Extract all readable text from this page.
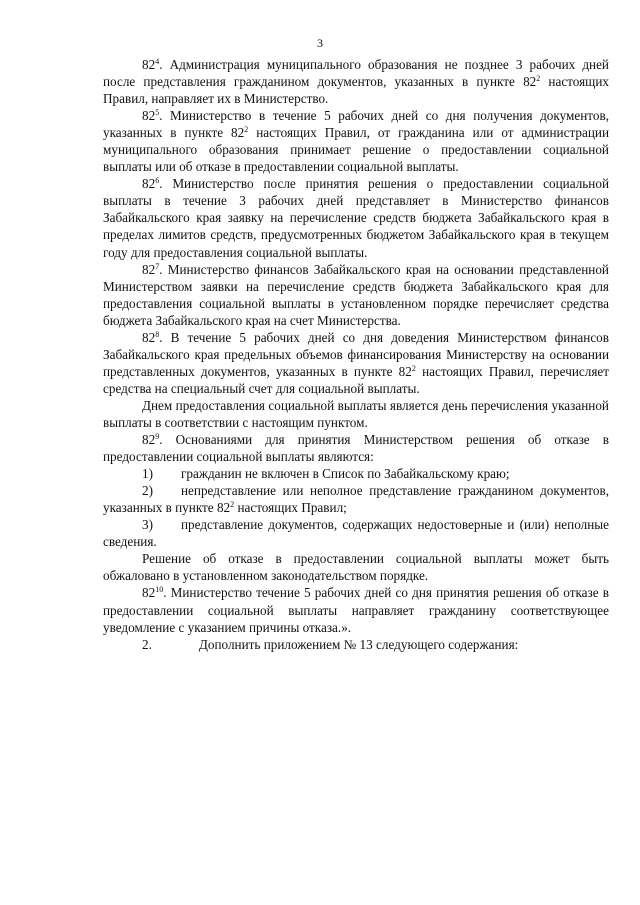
3

$82^4$. Администрация муниципального образования не позднее 3 рабочих дней после представления гражданином документов, указанных в пункте $82^2$ настоящих Правил, направляет их в Министерство.

$82^5$. Министерство в течение 5 рабочих дней со дня получения документов, указанных в пункте $82^2$ настоящих Правил, от гражданина или от администрации муниципального образования принимает решение о предоставлении социальной выплаты или об отказе в предоставлении социальной выплаты.

$82^6$. Министерство после принятия решения о предоставлении социальной выплаты в течение 3 рабочих дней представляет в Министерство финансов Забайкальского края заявку на перечисление средств бюджета Забайкальского края в пределах лимитов средств, предусмотренных бюджетом Забайкальского края в текущем году для предоставления социальной выплаты.

$82^7$. Министерство финансов Забайкальского края на основании представленной Министерством заявки на перечисление средств бюджета Забайкальского края для предоставления социальной выплаты в установленном порядке перечисляет средства бюджета Забайкальского края на счет Министерства.

$82^8$. В течение 5 рабочих дней со дня доведения Министерством финансов Забайкальского края предельных объемов финансирования Министерству на основании представленных документов, указанных в пункте $82^2$ настоящих Правил, перечисляет средства на специальный счет для социальной выплаты.

Днем предоставления социальной выплаты является день перечисления указанной выплаты в соответствии с настоящим пунктом.

$82^9$. Основаниями для принятия Министерством решения об отказе в предоставлении социальной выплаты являются:

1) гражданин не включен в Список по Забайкальскому краю;

2) непредставление или неполное представление гражданином документов, указанных в пункте $82^2$ настоящих Правил;

3) представление документов, содержащих недостоверные и (или) неполные сведения.

Решение об отказе в предоставлении социальной выплаты может быть обжаловано в установленном законодательством порядке.

$82^{10}$. Министерство течение 5 рабочих дней со дня принятия решения об отказе в предоставлении социальной выплаты направляет гражданину соответствующее уведомление с указанием причины отказа.».

2.	Дополнить приложением № 13 следующего содержания:
